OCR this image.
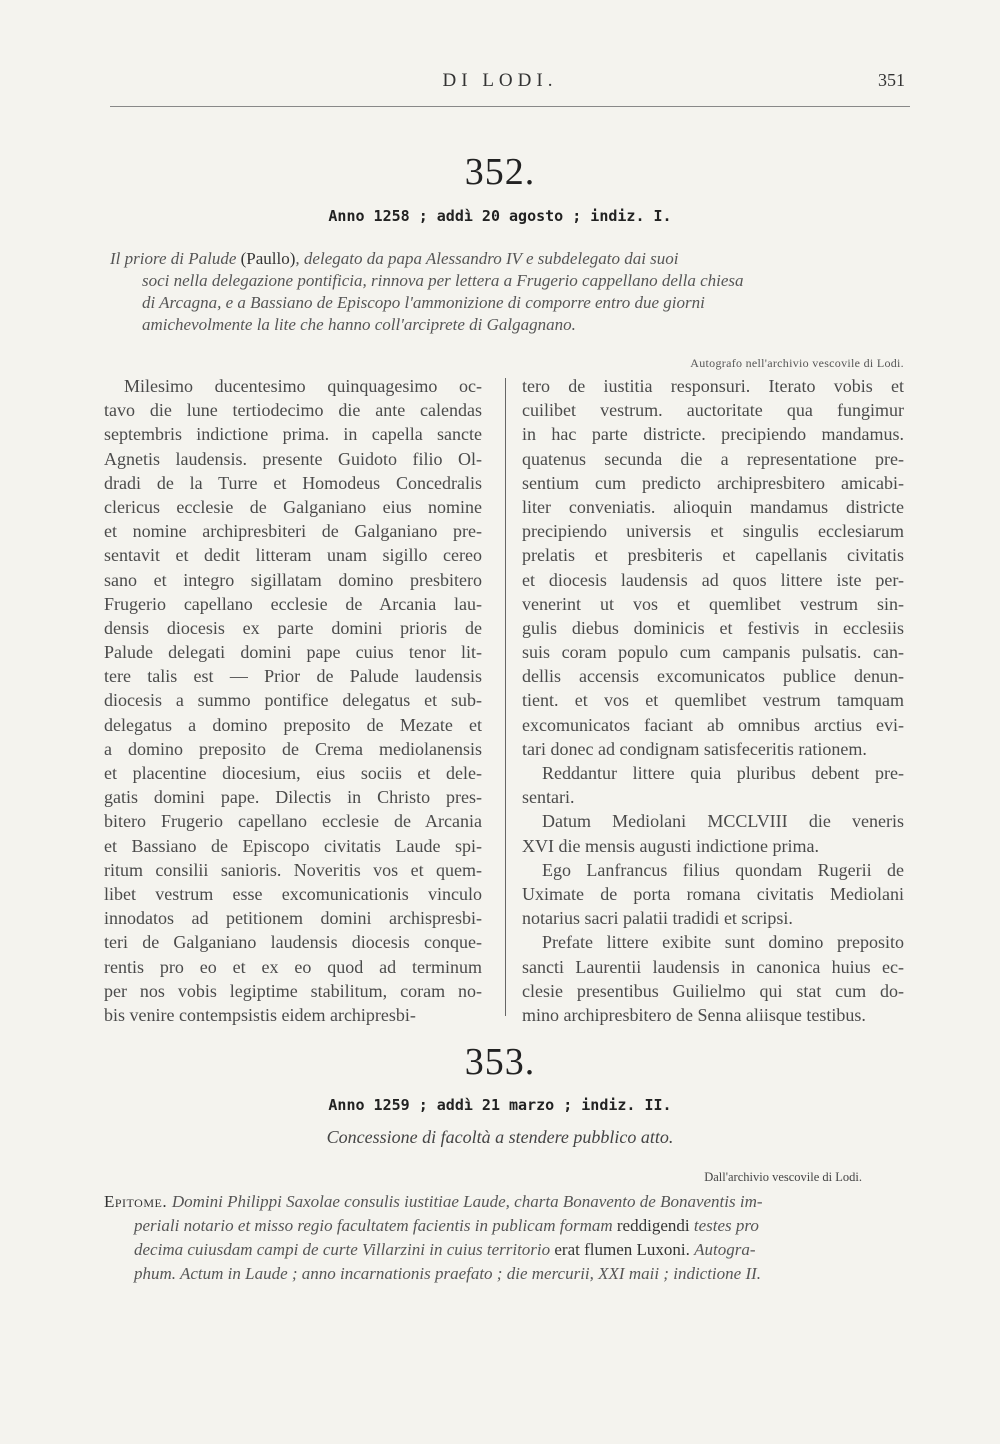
DI LODI.	351
352.
Anno 1258 ; addì 20 agosto ; indiz. I.
Il priore di Palude (Paullo), delegato da papa Alessandro IV e subdelegato dai suoi
soci nella delegazione pontificia, rinnova per lettera a Frugerio cappellano della chiesa
di Arcagna, e a Bassiano de Episcopo l'ammonizione di comporre entro due giorni
amichevolmente la lite che hanno coll'arciprete di Galgagnano.
Autografo nell'archivio vescovile di Lodi.
Milesimo ducentesimo quinquagesimo oc-
tavo die lune tertiodecimo die ante calendas
septembris indictione prima. in capella sancte
Agnetis laudensis. presente Guidoto filio Ol-
dradi de la Turre et Homodeus Concedralis
clericus ecclesie de Galganiano eius nomine
et nomine archipresbiteri de Galganiano pre-
sentavit et dedit litteram unam sigillo cereo
sano et integro sigillatam domino presbitero
Frugerio capellano ecclesie de Arcania lau-
densis diocesis ex parte domini prioris de
Palude delegati domini pape cuius tenor lit-
tere talis est — Prior de Palude laudensis
diocesis a summo pontifice delegatus et sub-
delegatus a domino preposito de Mezate et
a domino preposito de Crema mediolanensis
et placentine diocesium, eius sociis et dele-
gatis domini pape. Dilectis in Christo pres-
bitero Frugerio capellano ecclesie de Arcania
et Bassiano de Episcopo civitatis Laude spi-
ritum consilii sanioris. Noveritis vos et quem-
libet vestrum esse excomunicationis vinculo
innodatos ad petitionem domini archispresbi-
teri de Galganiano laudensis diocesis conque-
rentis pro eo et ex eo quod ad terminum
per nos vobis legiptime stabilitum, coram no-
bis venire contempsistis eidem archipresbi-
tero de iustitia responsuri. Iterato vobis et
cuilibet vestrum. auctoritate qua fungimur
in hac parte districte. precipiendo mandamus.
quatenus secunda die a representatione pre-
sentium cum predicto archipresbitero amicabi-
liter conveniatis. alioquin mandamus districte
precipiendo universis et singulis ecclesiarum
prelatis et presbiteris et capellanis civitatis
et diocesis laudensis ad quos littere iste per-
venerint ut vos et quemlibet vestrum sin-
gulis diebus dominicis et festivis in ecclesiis
suis coram populo cum campanis pulsatis. can-
dellis accensis excomunicatos publice denun-
tient. et vos et quemlibet vestrum tamquam
excomunicatos faciant ab omnibus arctius evi-
tari donec ad condignam satisfeceritis rationem.
Reddantur littere quia pluribus debent pre-
sentari.
Datum Mediolani MCCLVIII die veneris
XVI die mensis augusti indictione prima.
Ego Lanfrancus filius quondam Rugerii de
Uximate de porta romana civitatis Mediolani
notarius sacri palatii tradidi et scripsi.
Prefate littere exibite sunt domino preposito
sancti Laurentii laudensis in canonica huius ec-
clesie presentibus Guilielmo qui stat cum do-
mino archipresbitero de Senna aliisque testibus.
353.
Anno 1259 ; addì 21 marzo ; indiz. II.
Concessione di facoltà a stendere pubblico atto.
Dall'archivio vescovile di Lodi.
Epitome. Domini Philippi Saxolae consulis iustitiae Laude, charta Bonavento de Bonaventis im-
periali notario et misso regio facultatem facientis in publicam formam reddigendi testes pro
decima cuiusdam campi de curte Villarzini in cuius territorio erat flumen Luxoni. Autogra-
phum. Actum in Laude ; anno incarnationis praefato ; die mercurii, XXI maii ; indictione II.
